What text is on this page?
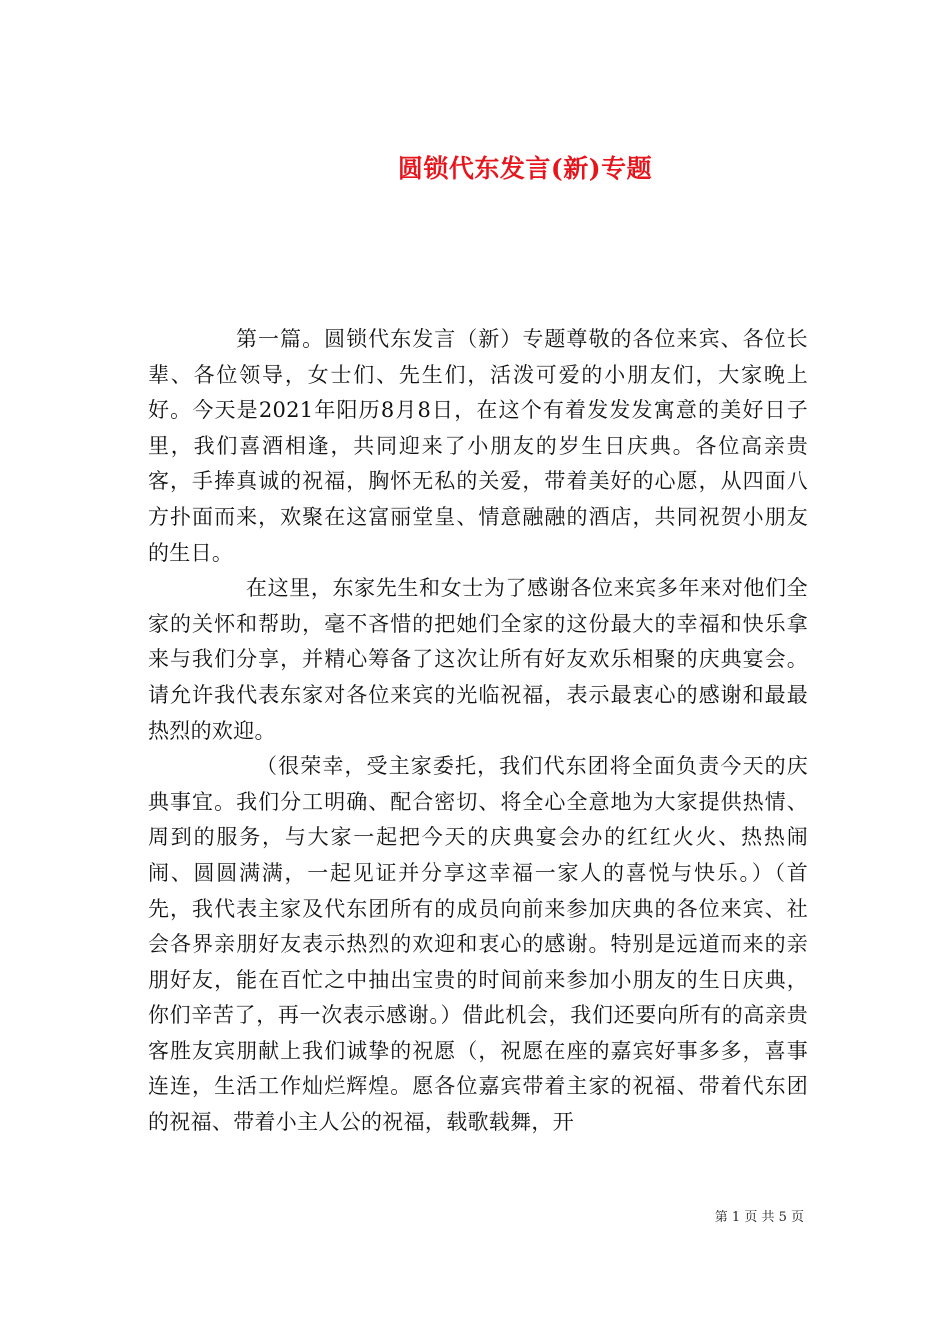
圆锁代东发言(新)专题

第一篇。圆锁代东发言（新）专题尊敬的各位来宾、各位长辈、各位领导，女士们、先生们，活泼可爱的小朋友们，大家晚上好。今天是2021年阳历8月8日，在这个有着发发发寓意的美好日子里，我们喜酒相逢，共同迎来了小朋友的岁生日庆典。各位高亲贵客，手捧真诚的祝福，胸怀无私的关爱，带着美好的心愿，从四面八方扑面而来，欢聚在这富丽堂皇、情意融融的酒店，共同祝贺小朋友的生日。

在这里，东家先生和女士为了感谢各位来宾多年来对他们全家的关怀和帮助，毫不吝惜的把她们全家的这份最大的幸福和快乐拿来与我们分享，并精心筹备了这次让所有好友欢乐相聚的庆典宴会。请允许我代表东家对各位来宾的光临祝福，表示最衷心的感谢和最最热烈的欢迎。

（很荣幸，受主家委托，我们代东团将全面负责今天的庆典事宜。我们分工明确、配合密切、将全心全意地为大家提供热情、周到的服务，与大家一起把今天的庆典宴会办的红红火火、热热闹闹、圆圆满满，一起见证并分享这幸福一家人的喜悦与快乐。）（首先，我代表主家及代东团所有的成员向前来参加庆典的各位来宾、社会各界亲朋好友表示热烈的欢迎和衷心的感谢。特别是远道而来的亲朋好友，能在百忙之中抽出宝贵的时间前来参加小朋友的生日庆典，你们辛苦了，再一次表示感谢。）借此机会，我们还要向所有的高亲贵客胜友宾朋献上我们诚挚的祝愿（，祝愿在座的嘉宾好事多多，喜事连连，生活工作灿烂辉煌。愿各位嘉宾带着主家的祝福、带着代东团的祝福、带着小主人公的祝福，载歌载舞，开

第 1 页 共 5 页
